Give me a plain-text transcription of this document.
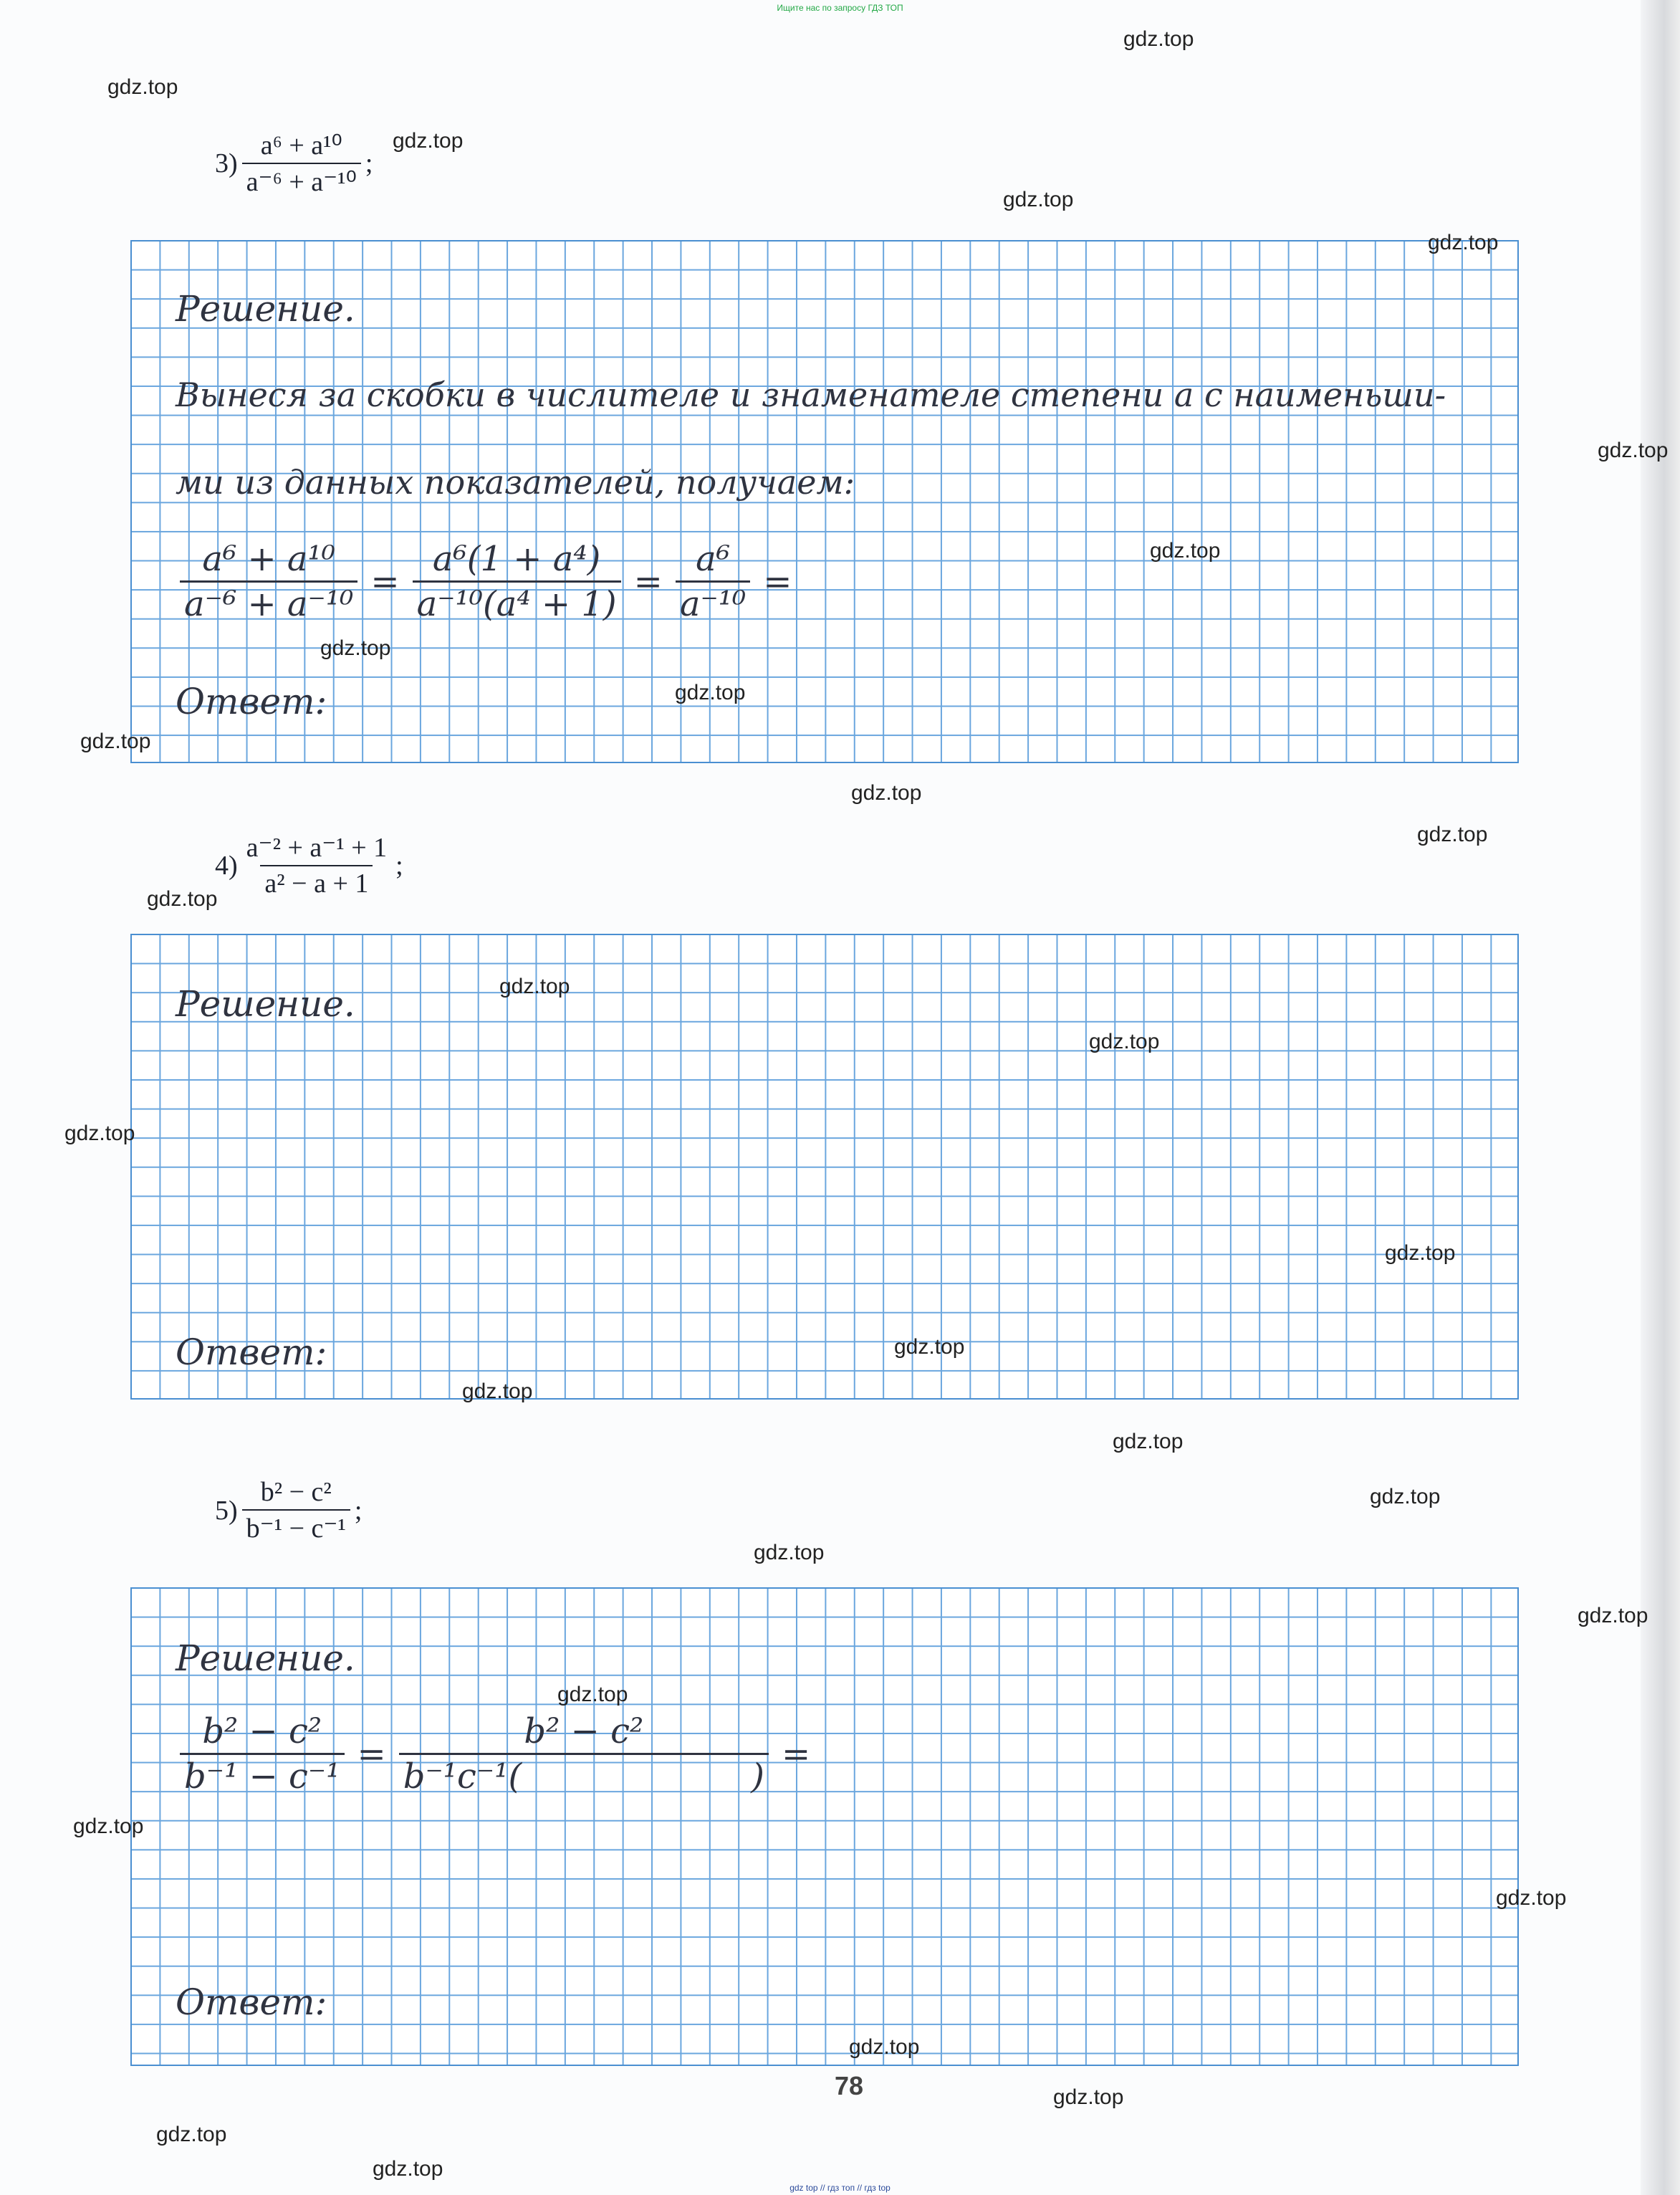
Ищите нас по запросу ГДЗ ТОП
$3) \frac{\text{a⁶ + a¹⁰}}{\text{a⁻⁶ + a⁻¹⁰}}$ ;
Решение.
Вынеся за скобки в числителе и знаменателе степени a с наименьши-
ми из данных показателей, получаем:
$\frac{\text{a⁶ + a¹⁰}}{\text{a⁻⁶ + a⁻¹⁰}} = \frac{\text{a⁶(1 + a⁴)}}{\text{a⁻¹⁰(a⁴ + 1)}} = \frac{\text{a⁶}}{\text{a⁻¹⁰}}$ =
Ответ:
$4) \frac{\text{a⁻² + a⁻¹ + 1}}{\text{a² − a + 1}}$ ;
Решение.
Ответ:
$5) \frac{\text{b² − c²}}{\text{b⁻¹ − c⁻¹}}$ ;
Решение.
$\frac{\text{b² − c²}}{\text{b⁻¹ − c⁻¹}} = b^2 - c^2$
b⁻¹c⁻¹(	) =
Ответ:
78
gdz top // гдз топ // гдз top
gdz.top
gdz.top
gdz.top
gdz.top
gdz.top
gdz.top
gdz.top
gdz.top
gdz.top
gdz.top
gdz.top
gdz.top
gdz.top
gdz.top
gdz.top
gdz.top
gdz.top
gdz.top
gdz.top
gdz.top
gdz.top
gdz.top
gdz.top
gdz.top
gdz.top
gdz.top
gdz.top
gdz.top
gdz.top
gdz.top
